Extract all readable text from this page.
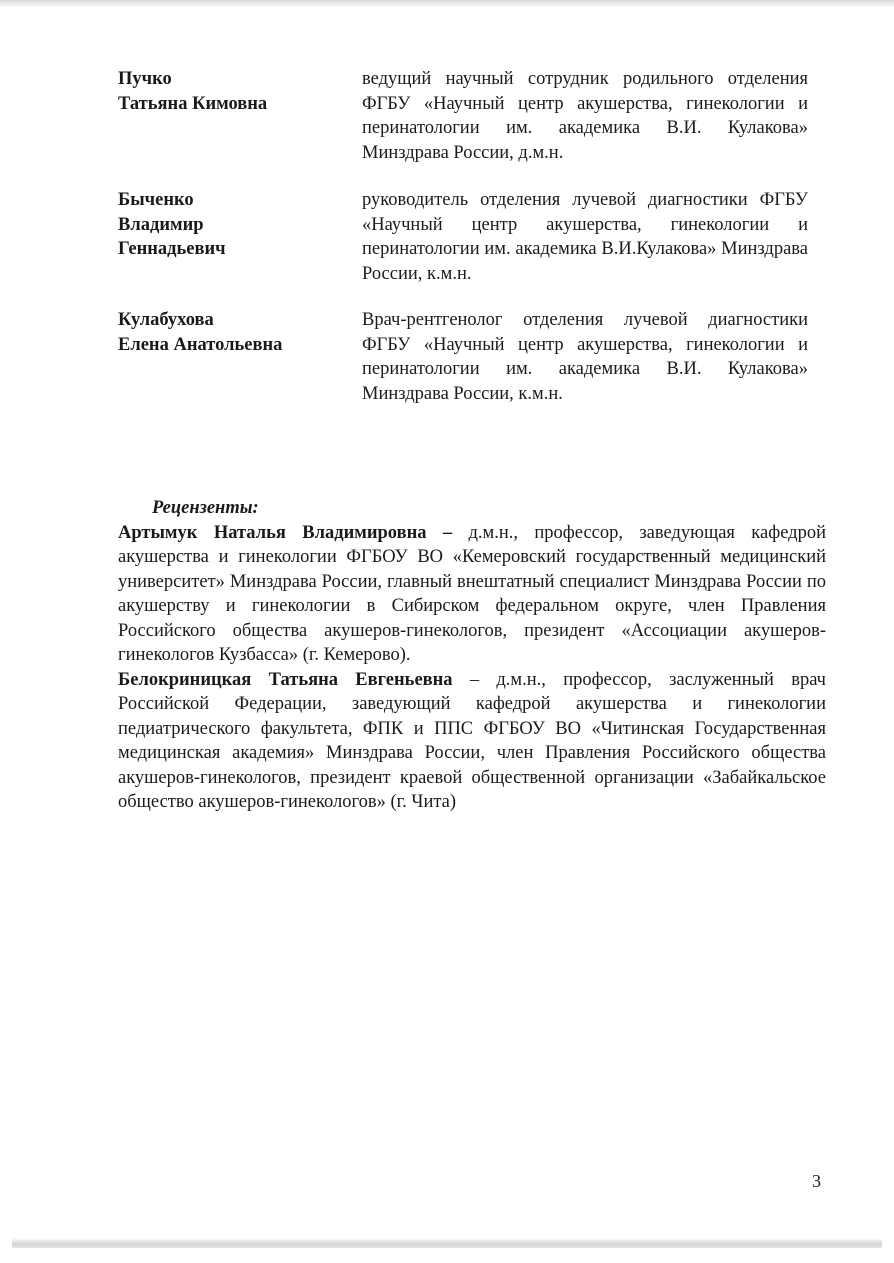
Пучко
Татьяна Кимовна
ведущий научный сотрудник родильного отделения ФГБУ «Научный центр акушерства, гинекологии и перинатологии им. академика В.И. Кулакова» Минздрава России, д.м.н.
Быченко
Владимир
Геннадьевич
руководитель отделения лучевой диагностики ФГБУ «Научный центр акушерства, гинекологии и перинатологии им. академика В.И.Кулакова» Минздрава России, к.м.н.
Кулабухова
Елена Анатольевна
Врач-рентгенолог отделения лучевой диагностики ФГБУ «Научный центр акушерства, гинекологии и перинатологии им. академика В.И. Кулакова» Минздрава России, к.м.н.
Рецензенты:
Артымук Наталья Владимировна – д.м.н., профессор, заведующая кафедрой акушерства и гинекологии ФГБОУ ВО «Кемеровский государственный медицинский университет» Минздрава России, главный внештатный специалист Минздрава России по акушерству и гинекологии в Сибирском федеральном округе, член Правления Российского общества акушеров-гинекологов, президент «Ассоциации акушеров-гинекологов Кузбасса» (г. Кемерово).
Белокриницкая Татьяна Евгеньевна – д.м.н., профессор, заслуженный врач Российской Федерации, заведующий кафедрой акушерства и гинекологии педиатрического факультета, ФПК и ППС ФГБОУ ВО «Читинская Государственная медицинская академия» Минздрава России, член Правления Российского общества акушеров-гинекологов, президент краевой общественной организации «Забайкальское общество акушеров-гинекологов» (г. Чита)
3
